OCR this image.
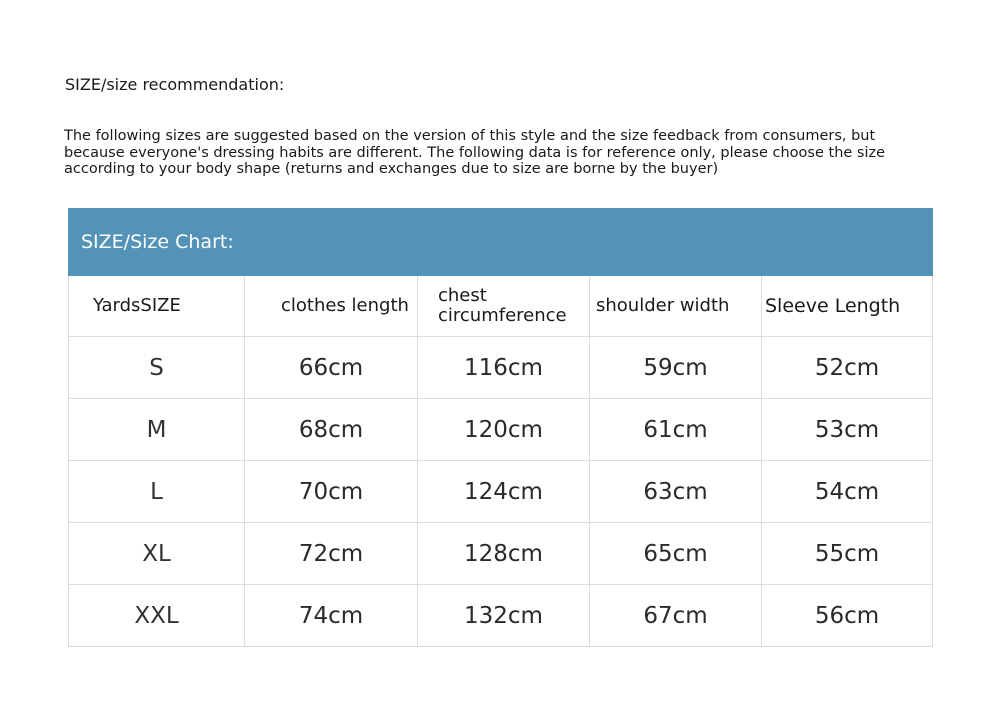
SIZE/size recommendation:
The following sizes are suggested based on the version of this style and the size feedback from consumers, but because everyone's dressing habits are different. The following data is for reference only, please choose the size according to your body shape (returns and exchanges due to size are borne by the buyer)
SIZE/Size Chart:				
YardsSIZE	clothes length	chest circumference	shoulder width	Sleeve Length
S	66cm	116cm	59cm	52cm
M	68cm	120cm	61cm	53cm
L	70cm	124cm	63cm	54cm
XL	72cm	128cm	65cm	55cm
XXL	74cm	132cm	67cm	56cm
